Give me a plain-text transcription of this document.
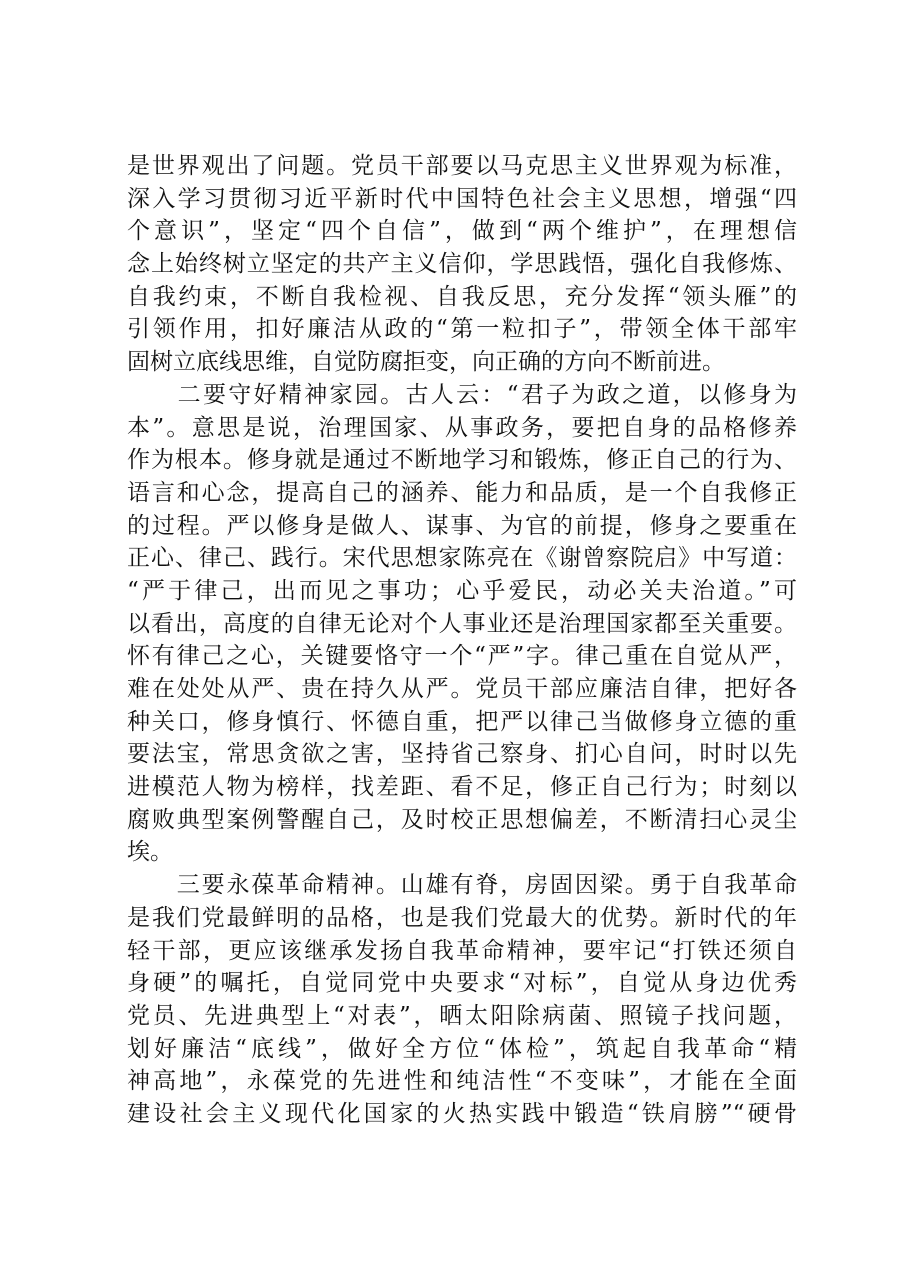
是世界观出了问题。党员干部要以马克思主义世界观为标准，
深入学习贯彻习近平新时代中国特色社会主义思想，增强“四
个意识”，坚定“四个自信”，做到“两个维护”，在理想信
念上始终树立坚定的共产主义信仰，学思践悟，强化自我修炼、
自我约束，不断自我检视、自我反思，充分发挥“领头雁”的
引领作用，扣好廉洁从政的“第一粒扣子”，带领全体干部牢
固树立底线思维，自觉防腐拒变，向正确的方向不断前进。
　　二要守好精神家园。古人云：“君子为政之道，以修身为
本”。意思是说，治理国家、从事政务，要把自身的品格修养
作为根本。修身就是通过不断地学习和锻炼，修正自己的行为、
语言和心念，提高自己的涵养、能力和品质，是一个自我修正
的过程。严以修身是做人、谋事、为官的前提，修身之要重在
正心、律己、践行。宋代思想家陈亮在《谢曾察院启》中写道：
“严于律己，出而见之事功；心乎爱民，动必关夫治道。”可
以看出，高度的自律无论对个人事业还是治理国家都至关重要。
怀有律己之心，关键要恪守一个“严”字。律己重在自觉从严，
难在处处从严、贵在持久从严。党员干部应廉洁自律，把好各
种关口，修身慎行、怀德自重，把严以律己当做修身立德的重
要法宝，常思贪欲之害，坚持省己察身、扪心自问，时时以先
进模范人物为榜样，找差距、看不足，修正自己行为；时刻以
腐败典型案例警醒自己，及时校正思想偏差，不断清扫心灵尘
埃。
　　三要永葆革命精神。山雄有脊，房固因梁。勇于自我革命
是我们党最鲜明的品格，也是我们党最大的优势。新时代的年
轻干部，更应该继承发扬自我革命精神，要牢记“打铁还须自
身硬”的嘱托，自觉同党中央要求“对标”，自觉从身边优秀
党员、先进典型上“对表”，晒太阳除病菌、照镜子找问题，
划好廉洁“底线”，做好全方位“体检”，筑起自我革命“精
神高地”，永葆党的先进性和纯洁性“不变味”，才能在全面
建设社会主义现代化国家的火热实践中锻造“铁肩膀”“硬骨
